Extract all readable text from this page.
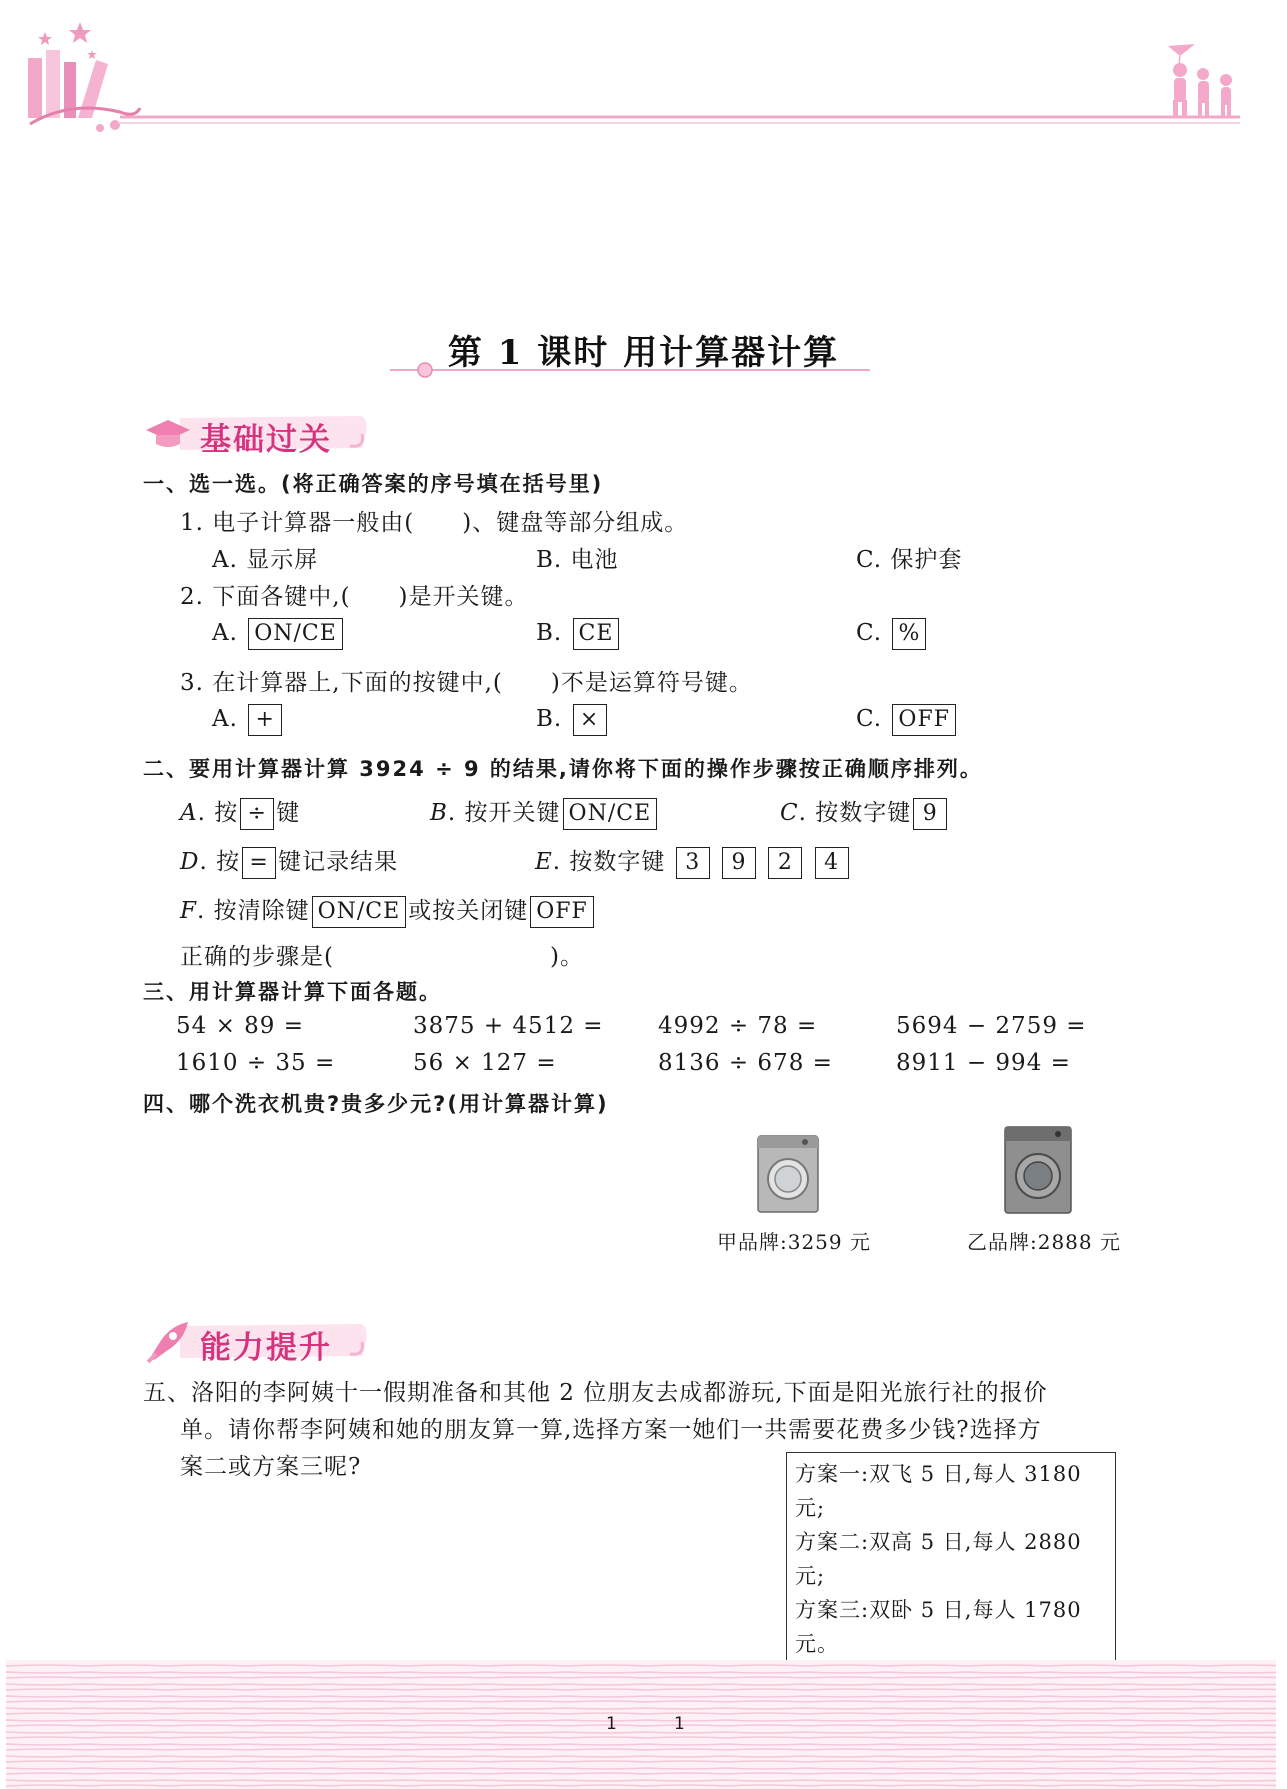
第 1 课时 用计算器计算
基础过关
一、选一选。(将正确答案的序号填在括号里)
1. 电子计算器一般由(　　)、键盘等部分组成。
A. 显示屏	B. 电池	C. 保护套
2. 下面各键中,(　　)是开关键。
A. ON/CE	B. CE	C. %
3. 在计算器上,下面的按键中,(　　)不是运算符号键。
A. +	B. ×	C. OFF
二、要用计算器计算 3924 ÷ 9 的结果,请你将下面的操作步骤按正确顺序排列。
A. 按 ÷ 键	B. 按开关键 ON/CE	C. 按数字键 9
D. 按 = 键记录结果	E. 按数字键 3 9 2 4
F. 按清除键 ON/CE 或按关闭键 OFF
正确的步骤是(　　　　　　　　　)。
三、用计算器计算下面各题。
54 × 89 =	3875 + 4512 = 4992 ÷ 78 =	5694 − 2759 =
1610 ÷ 35 =	56 × 127 =	8136 ÷ 678 =	8911 − 994 =
四、哪个洗衣机贵?贵多少元?(用计算器计算)
甲品牌:3259 元	乙品牌:2888 元
能力提升
五、洛阳的李阿姨十一假期准备和其他 2 位朋友去成都游玩,下面是阳光旅行社的报价
单。请你帮李阿姨和她的朋友算一算,选择方案一她们一共需要花费多少钱?选择方
案二或方案三呢?	方案一:双飞 5 日,每人 3180 元;
方案二:双高 5 日,每人 2880 元;
方案三:双卧 5 日,每人 1780 元。
1	1
